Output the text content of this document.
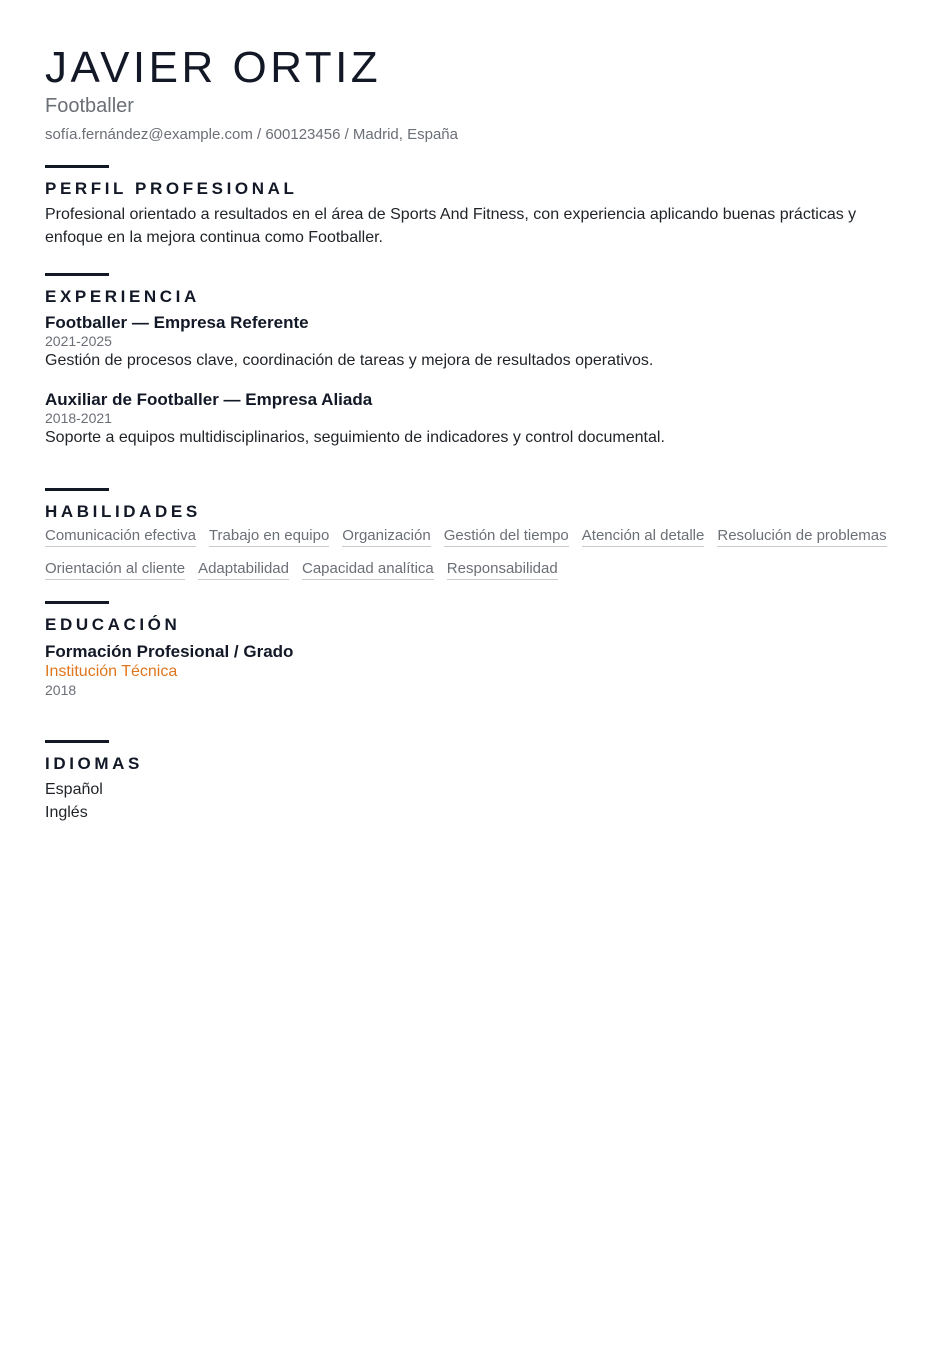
JAVIER ORTIZ
Footballer
sofía.fernández@example.com / 600123456 / Madrid, España
PERFIL PROFESIONAL
Profesional orientado a resultados en el área de Sports And Fitness, con experiencia aplicando buenas prácticas y enfoque en la mejora continua como Footballer.
EXPERIENCIA
Footballer — Empresa Referente
2021-2025
Gestión de procesos clave, coordinación de tareas y mejora de resultados operativos.
Auxiliar de Footballer — Empresa Aliada
2018-2021
Soporte a equipos multidisciplinarios, seguimiento de indicadores y control documental.
HABILIDADES
Comunicación efectiva Trabajo en equipo Organización Gestión del tiempo Atención al detalle Resolución de problemas
Orientación al cliente Adaptabilidad Capacidad analítica Responsabilidad
EDUCACIÓN
Formación Profesional / Grado
Institución Técnica
2018
IDIOMAS
Español
Inglés
